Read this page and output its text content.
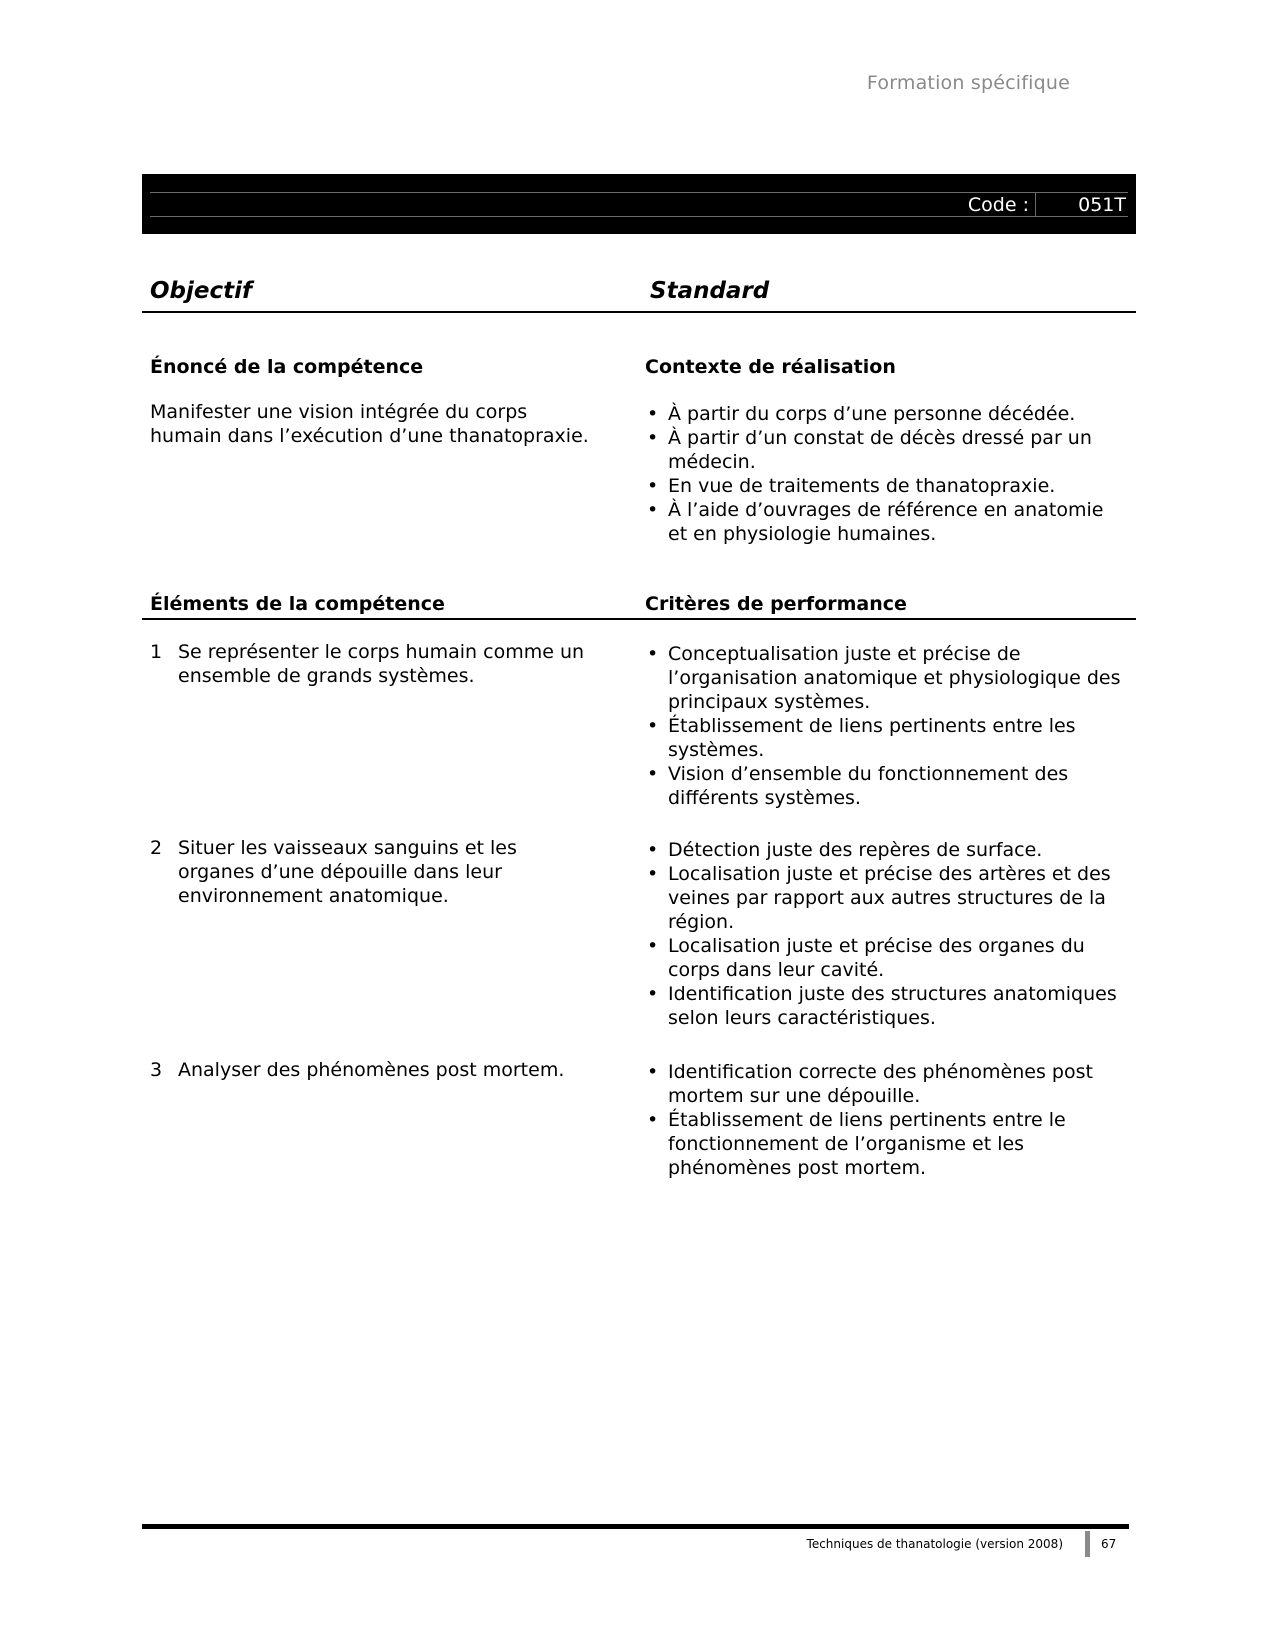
Formation spécifique
Code :	051T
Objectif	Standard
Énoncé de la compétence
Manifester une vision intégrée du corps humain dans l’exécution d’une thanatopraxie.
Contexte de réalisation
• À partir du corps d’une personne décédée.
• À partir d’un constat de décès dressé par un médecin.
• En vue de traitements de thanatopraxie.
• À l’aide d’ouvrages de référence en anatomie et en physiologie humaines.
Éléments de la compétence	Critères de performance
1 Se représenter le corps humain comme un ensemble de grands systèmes.
• Conceptualisation juste et précise de l’organisation anatomique et physiologique des principaux systèmes.
• Établissement de liens pertinents entre les systèmes.
• Vision d’ensemble du fonctionnement des différents systèmes.
2 Situer les vaisseaux sanguins et les organes d’une dépouille dans leur environnement anatomique.
• Détection juste des repères de surface.
• Localisation juste et précise des artères et des veines par rapport aux autres structures de la région.
• Localisation juste et précise des organes du corps dans leur cavité.
• Identification juste des structures anatomiques selon leurs caractéristiques.
3 Analyser des phénomènes post mortem.
•	Identification correcte des phénomènes post mortem sur une dépouille.
• Établissement de liens pertinents entre le fonctionnement de l’organisme et les phénomènes post mortem.
Techniques de thanatologie (version 2008)	67
